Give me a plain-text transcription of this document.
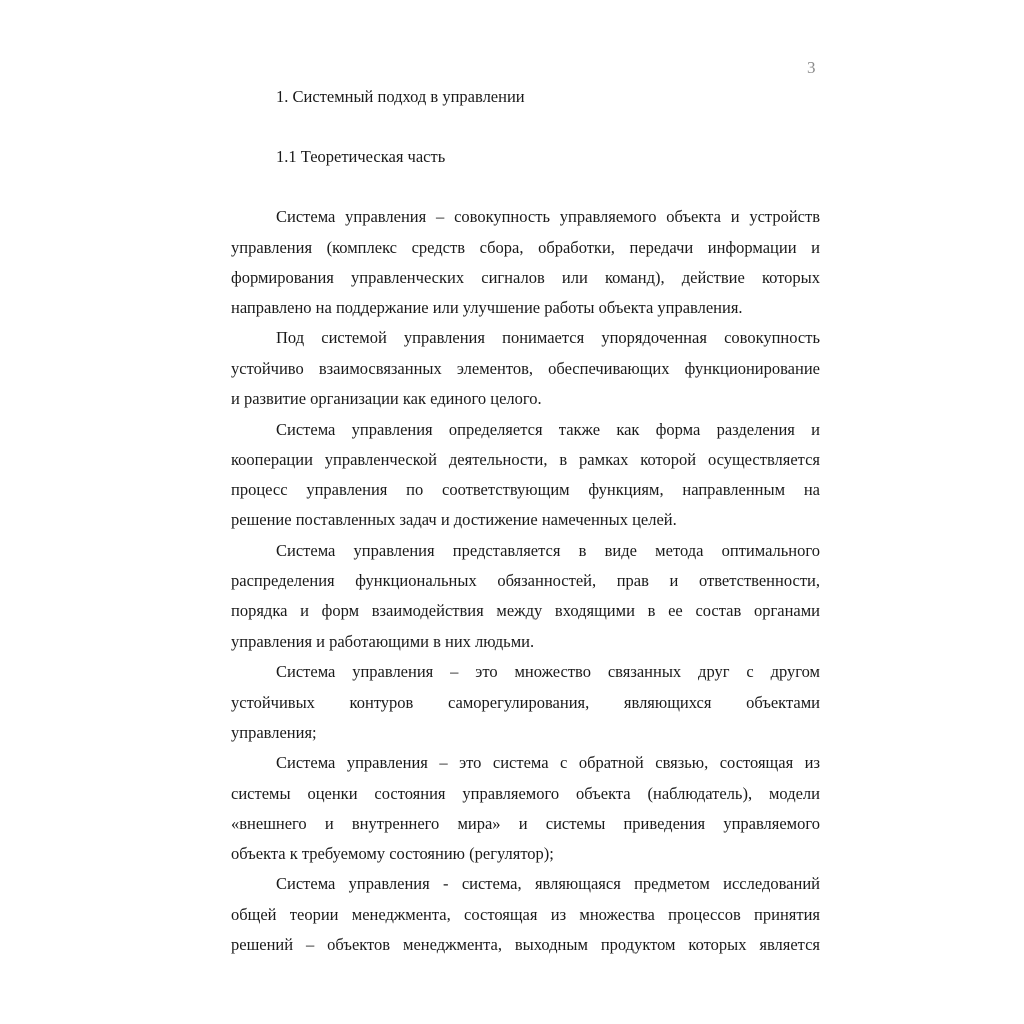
3
1. Системный подход в управлении
1.1 Теоретическая часть
Система управления – совокупность управляемого объекта и устройств
управления (комплекс средств сбора, обработки, передачи информации и
формирования управленческих сигналов или команд), действие которых
направлено на поддержание или улучшение работы объекта управления.
Под системой управления понимается упорядоченная совокупность
устойчиво взаимосвязанных элементов, обеспечивающих функционирование
и развитие организации как единого целого.
Система управления определяется также как форма разделения и
кооперации управленческой деятельности, в рамках которой осуществляется
процесс управления по соответствующим функциям, направленным на
решение поставленных задач и достижение намеченных целей.
Система управления представляется в виде метода оптимального
распределения функциональных обязанностей, прав и ответственности,
порядка и форм взаимодействия между входящими в ее состав органами
управления и работающими в них людьми.
Система управления – это множество связанных друг с другом
устойчивых контуров саморегулирования, являющихся объектами
управления;
Система управления – это система с обратной связью, состоящая из
системы оценки состояния управляемого объекта (наблюдатель), модели
«внешнего и внутреннего мира» и системы приведения управляемого
объекта к требуемому состоянию (регулятор);
Система управления - система, являющаяся предметом исследований
общей теории менеджмента, состоящая из множества процессов принятия
решений – объектов менеджмента, выходным продуктом которых является
